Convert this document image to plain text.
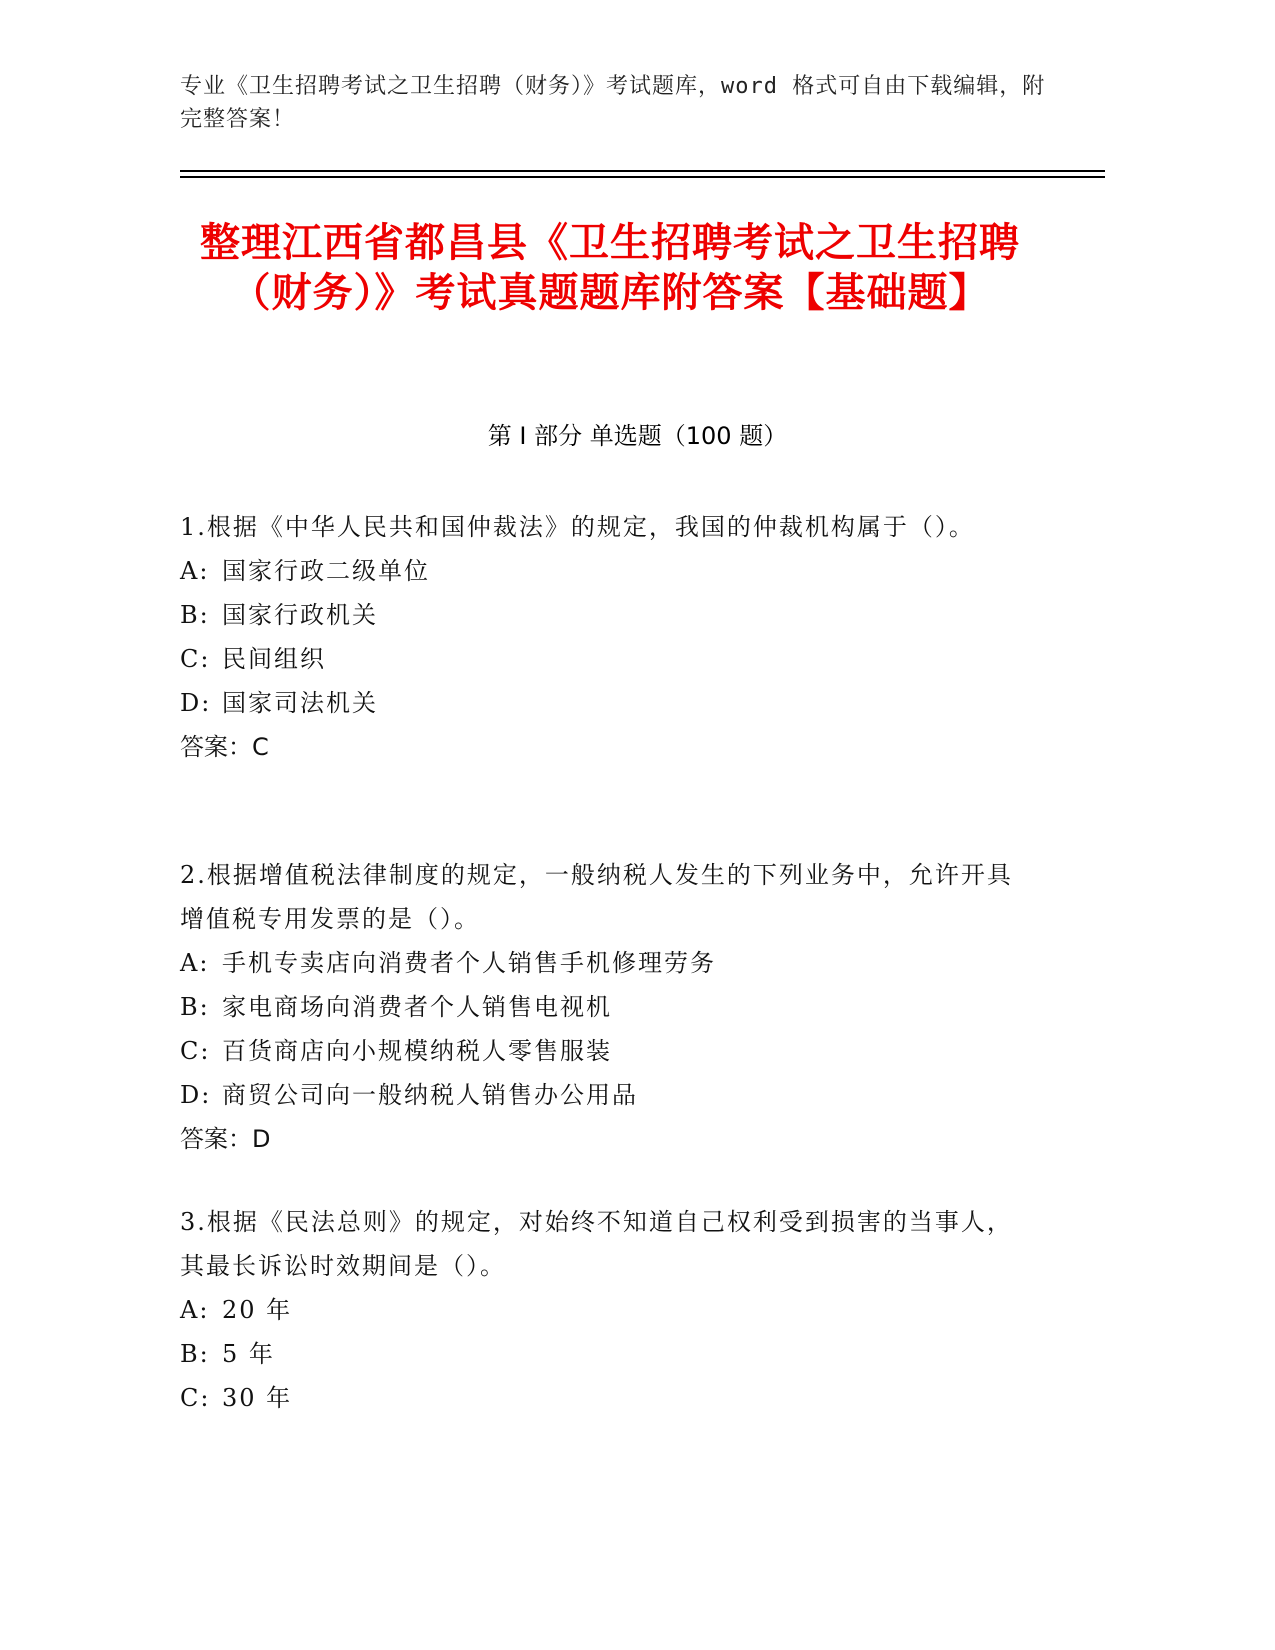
专业《卫生招聘考试之卫生招聘（财务）》考试题库，word 格式可自由下载编辑，附完整答案！
整理江西省都昌县《卫生招聘考试之卫生招聘（财务）》考试真题题库附答案【基础题】
第 I 部分 单选题（100 题）

1.根据《中华人民共和国仲裁法》的规定，我国的仲裁机构属于（）。

A: 国家行政二级单位

B: 国家行政机关

C: 民间组织

D: 国家司法机关

答案：C

2.根据增值税法律制度的规定，一般纳税人发生的下列业务中，允许开具增值税专用发票的是（）。

A: 手机专卖店向消费者个人销售手机修理劳务

B: 家电商场向消费者个人销售电视机

C: 百货商店向小规模纳税人零售服装

D: 商贸公司向一般纳税人销售办公用品

答案：D

3.根据《民法总则》的规定，对始终不知道自己权利受到损害的当事人，其最长诉讼时效期间是（）。

A: 20 年

B: 5 年

C: 30 年
